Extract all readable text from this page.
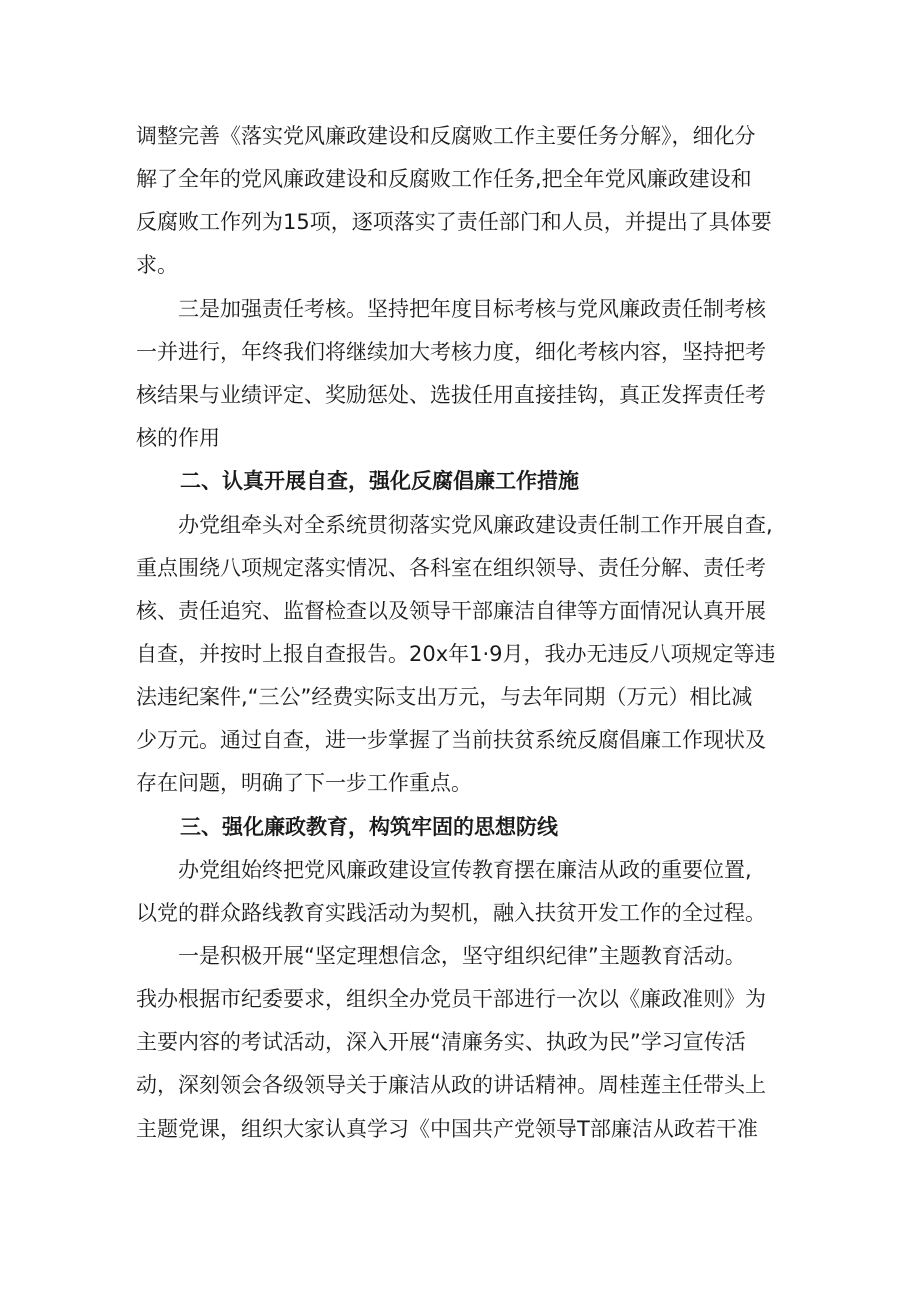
调整完善《落实党风廉政建设和反腐败工作主要任务分解》，细化分
解了全年的党风廉政建设和反腐败工作任务,把全年党风廉政建设和
反腐败工作列为15项，逐项落实了责任部门和人员，并提出了具体要
求。
三是加强责任考核。坚持把年度目标考核与党风廉政责任制考核
一并进行，年终我们将继续加大考核力度，细化考核内容，坚持把考
核结果与业绩评定、奖励惩处、选拔任用直接挂钩，真正发挥责任考
核的作用
二、认真开展自查，强化反腐倡廉工作措施
办党组牵头对全系统贯彻落实党风廉政建设责任制工作开展自查,
重点围绕八项规定落实情况、各科室在组织领导、责任分解、责任考
核、责任追究、监督检查以及领导干部廉洁自律等方面情况认真开展
自查，并按时上报自查报告。20x年1·9月，我办无违反八项规定等违
法违纪案件,“三公”经费实际支出万元，与去年同期（万元）相比减
少万元。通过自查，进一步掌握了当前扶贫系统反腐倡廉工作现状及
存在问题，明确了下一步工作重点。
三、强化廉政教育，构筑牢固的思想防线
办党组始终把党风廉政建设宣传教育摆在廉洁从政的重要位置,
以党的群众路线教育实践活动为契机，融入扶贫开发工作的全过程。
一是积极开展“坚定理想信念，坚守组织纪律”主题教育活动。
我办根据市纪委要求，组织全办党员干部进行一次以《廉政准则》为
主要内容的考试活动，深入开展“清廉务实、执政为民”学习宣传活
动，深刻领会各级领导关于廉洁从政的讲话精神。周桂莲主任带头上
主题党课，组织大家认真学习《中国共产党领导T部廉洁从政若干准
